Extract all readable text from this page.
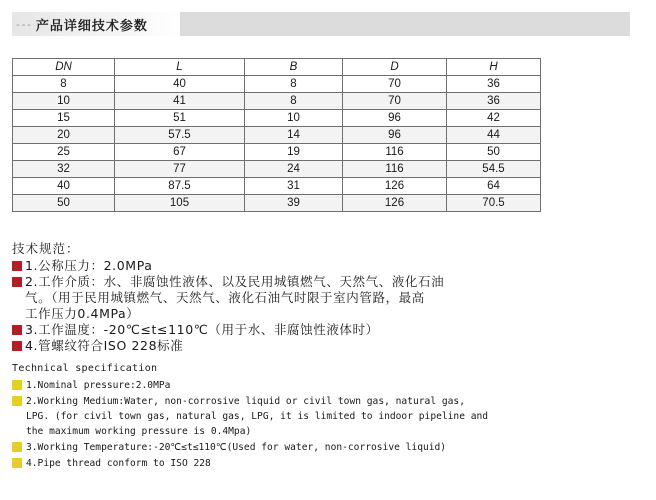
- - - 产品详细技术参数
DN	L	B	D	H
8	40	8	70	36
10	41	8	70	36
15	51	10	96	42
20	57.5	14	96	44
25	67	19	116	50
32	77	24	116	54.5
40	87.5	31	126	64
50	105	39	126	70.5
技术规范：
1.公称压力：2.0MPa
2.工作介质：水、非腐蚀性液体、以及民用城镇燃气、天然气、液化石油
气。（用于民用城镇燃气、天然气、液化石油气时限于室内管路，最高
工作压力0.4MPa）
3.工作温度：-20℃≤t≤110℃（用于水、非腐蚀性液体时）
4.管螺纹符合ISO 228标准
Technical specification
1.Nominal pressure:2.0MPa
2.Working Medium:Water, non-corrosive liquid or civil town gas, natural gas,
LPG. (for civil town gas, natural gas, LPG, it is limited to indoor pipeline and
the maximum working pressure is 0.4Mpa)
3.Working Temperature:-20℃≤t≤110℃(Used for water, non-corrosive liquid)
4.Pipe thread conform to ISO 228
